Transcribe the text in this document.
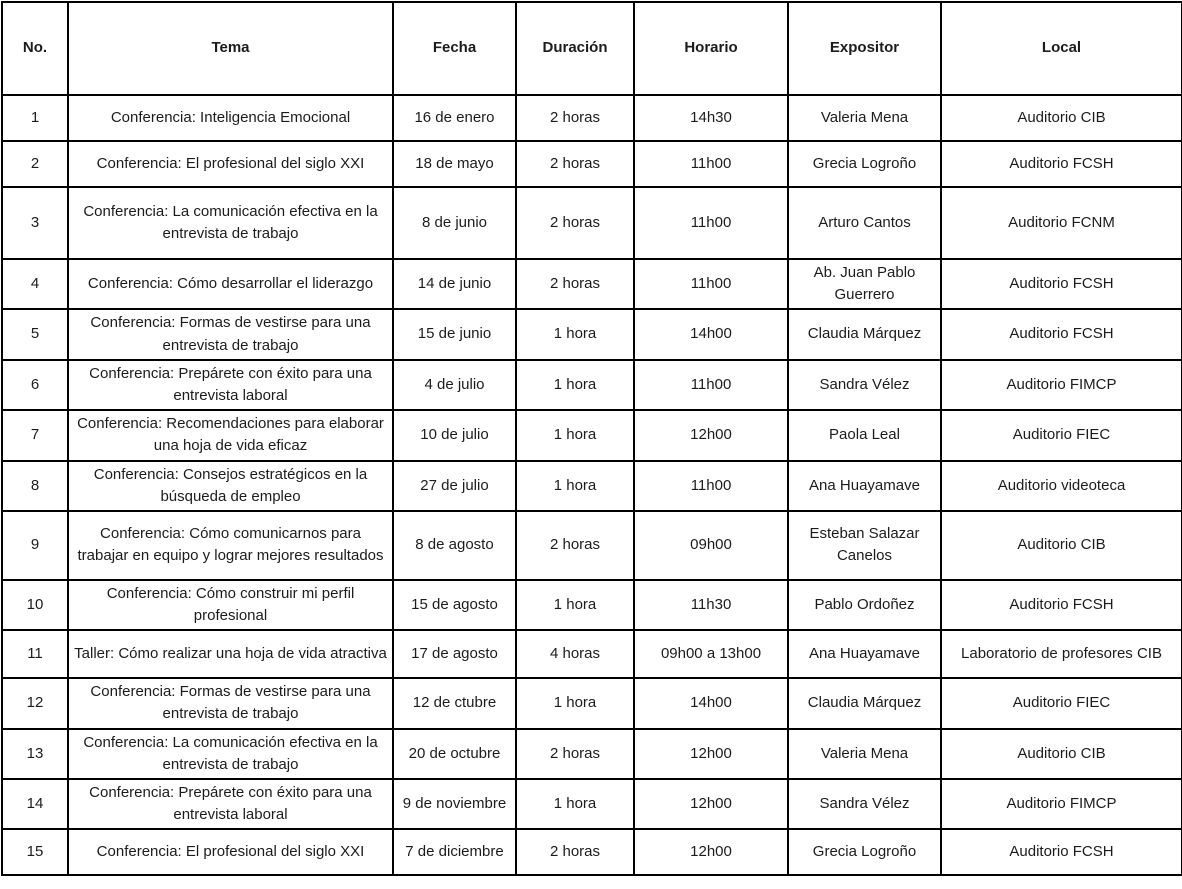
No.	Tema	Fecha	Duración	Horario	Expositor	Local
1	Conferencia: Inteligencia Emocional	16 de enero	2 horas	14h30	Valeria Mena	Auditorio CIB
2	Conferencia: El profesional del siglo XXI	18 de mayo	2 horas	11h00	Grecia Logroño	Auditorio FCSH
3	Conferencia: La comunicación efectiva en la entrevista de trabajo	8 de junio	2 horas	11h00	Arturo Cantos	Auditorio FCNM
4	Conferencia: Cómo desarrollar el liderazgo	14 de junio	2 horas	11h00	Ab. Juan Pablo Guerrero	Auditorio FCSH
5	Conferencia: Formas de vestirse para una entrevista de trabajo	15 de junio	1 hora	14h00	Claudia Márquez	Auditorio FCSH
6	Conferencia: Prepárete con éxito para una entrevista laboral	4 de julio	1 hora	11h00	Sandra Vélez	Auditorio FIMCP
7	Conferencia: Recomendaciones para elaborar una hoja de vida eficaz	10 de julio	1 hora	12h00	Paola Leal	Auditorio FIEC
8	Conferencia: Consejos estratégicos en la búsqueda de empleo	27 de julio	1 hora	11h00	Ana Huayamave	Auditorio videoteca
9	Conferencia: Cómo comunicarnos para trabajar en equipo y lograr mejores resultados	8 de agosto	2 horas	09h00	Esteban Salazar Canelos	Auditorio CIB
10	Conferencia: Cómo construir mi perfil profesional	15 de agosto	1 hora	11h30	Pablo Ordoñez	Auditorio FCSH
11	Taller: Cómo realizar una hoja de vida atractiva	17 de agosto	4 horas	09h00 a 13h00	Ana Huayamave	Laboratorio de profesores CIB
12	Conferencia: Formas de vestirse para una entrevista de trabajo	12 de ctubre	1 hora	14h00	Claudia Márquez	Auditorio FIEC
13	Conferencia: La comunicación efectiva en la entrevista de trabajo	20 de octubre	2 horas	12h00	Valeria Mena	Auditorio CIB
14	Conferencia: Prepárete con éxito para una entrevista laboral	9 de noviembre	1 hora	12h00	Sandra Vélez	Auditorio FIMCP
15	Conferencia: El profesional del siglo XXI	7 de diciembre	2 horas	12h00	Grecia Logroño	Auditorio FCSH
